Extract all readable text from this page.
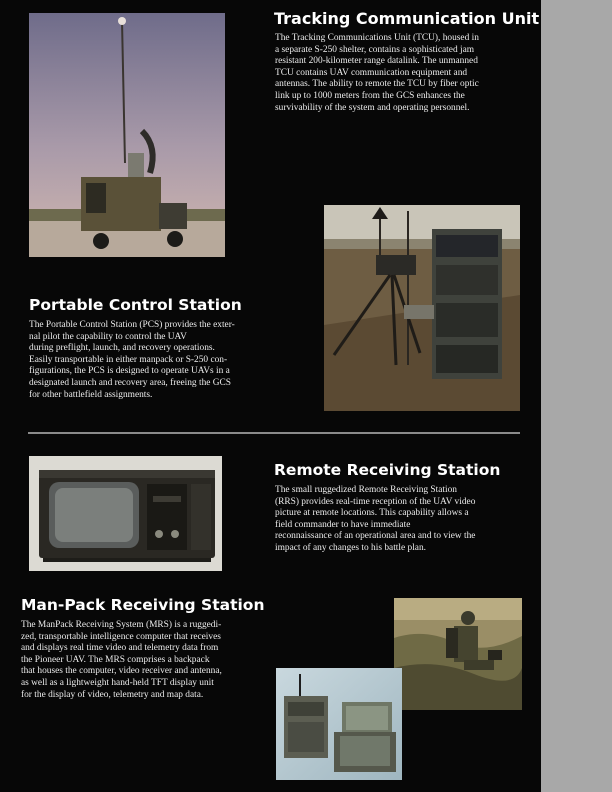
Tracking Communication Unit

The Tracking Communications Unit (TCU), housed in
a separate S-250 shelter, contains a sophisticated jam
resistant 200-kilometer range datalink. The unmanned
TCU contains UAV communication equipment and
antennas. The ability to remote the TCU by fiber optic
link up to 1000 meters from the GCS enhances the
survivability of the system and operating personnel.

Portable Control Station

The Portable Control Station (PCS) provides the exter-
nal pilot the capability to control the UAV
during preflight, launch, and recovery operations.
Easily transportable in either manpack or S-250 con-
figurations, the PCS is designed to operate UAVs in a
designated launch and recovery area, freeing the GCS
for other battlefield assignments.

Remote Receiving Station

The small ruggedized Remote Receiving Station
(RRS) provides real-time reception of the UAV video
picture at remote locations. This capability allows a
field commander to have immediate
reconnaissance of an operational area and to view the
impact of any changes to his battle plan.

Man-Pack Receiving Station

The ManPack Receiving System (MRS) is a ruggedi-
zed, transportable intelligence computer that receives
and displays real time video and telemetry data from
the Pioneer UAV. The MRS comprises a backpack
that houses the computer, video receiver and antenna,
as well as a lightweight hand-held TFT display unit
for the display of video, telemetry and map data.
